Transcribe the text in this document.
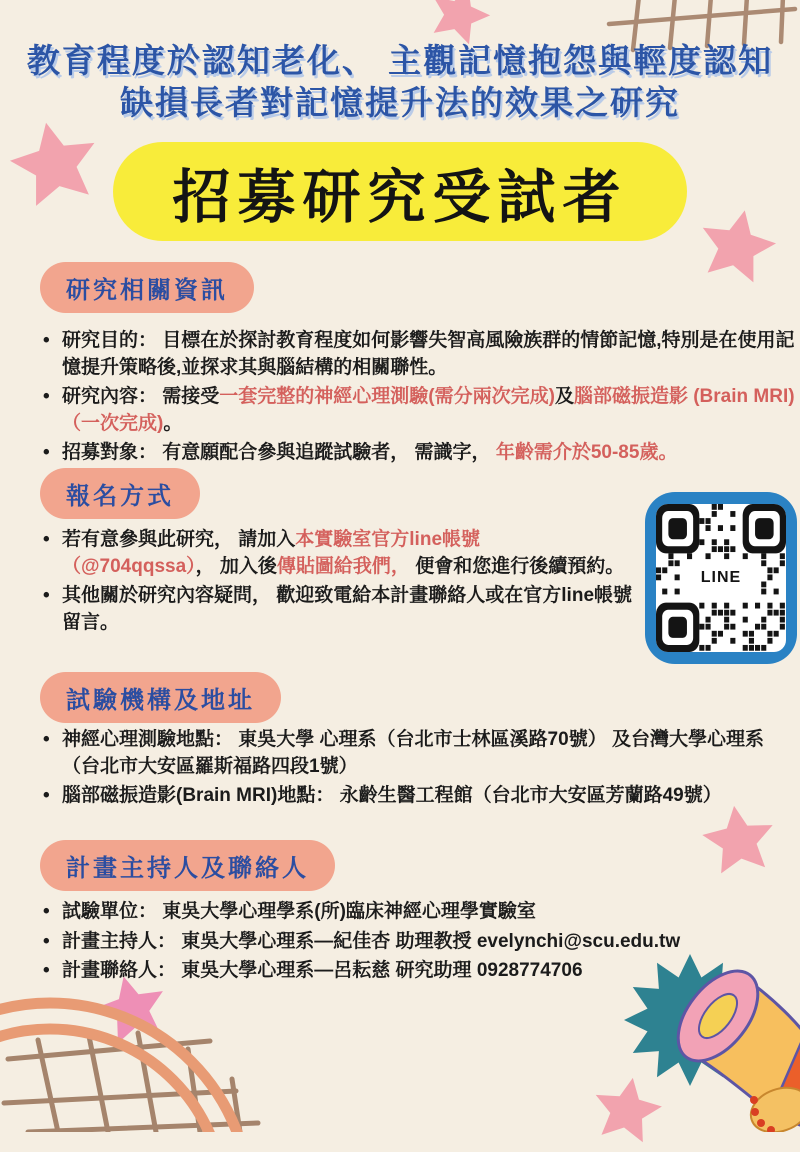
教育程度於認知老化、 主觀記憶抱怨與輕度認知
缺損長者對記憶提升法的效果之研究
招募研究受試者
研究相關資訊
• 研究目的： 目標在於探討教育程度如何影響失智高風險族群的情節記憶,特別是在使用記憶提升策略後,並探求其與腦結構的相關聯性。
• 研究內容： 需接受一套完整的神經心理測驗(需分兩次完成)及腦部磁振造影 (Brain MRI)（一次完成)。
• 招募對象： 有意願配合參與追蹤試驗者， 需識字， 年齡需介於50-85歲。
報名方式
• 若有意參與此研究， 請加入本實驗室官方line帳號 （@704qqssa）， 加入後傳貼圖給我們， 便會和您進行後續預約。
• 其他關於研究內容疑問， 歡迎致電給本計畫聯絡人或在官方line帳號留言。
LINE
試驗機構及地址
• 神經心理測驗地點： 東吳大學 心理系（台北市士林區溪路70號） 及台灣大學心理系（台北市大安區羅斯福路四段1號）
• 腦部磁振造影(Brain MRI)地點： 永齡生醫工程館（台北市大安區芳蘭路49號）
計畫主持人及聯絡人
• 試驗單位： 東吳大學心理學系(所)臨床神經心理學實驗室
• 計畫主持人： 東吳大學心理系—紀佳杏 助理教授 evelynchi@scu.edu.tw
• 計畫聯絡人： 東吳大學心理系—呂耘慈 研究助理 0928774706
